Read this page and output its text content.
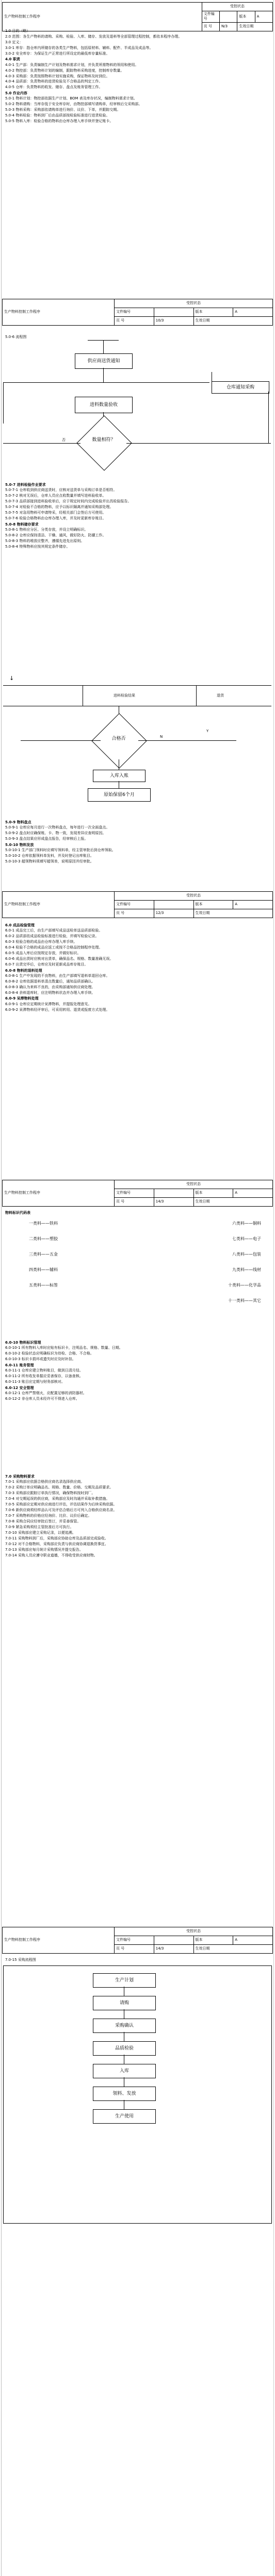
生产物料控制工作程序	受控状态			
	文件编号		版本	A
	页 号	N/3	生效日期	

1.0 目的（略）

2.0 范围：各生产物料的请购、采购、检验、入库、储存、发放及退料等全部管理过程控制，都依本程序办理。

3.0 定义：

3.0-1 库存：指仓库内所储存的各类生产物料，包括原材料、辅料、配件、半成品及成品等。

3.0-2 安全库存：为保证生产正常进行所设定的最低库存量标准。

4.0 职责

4.0-1 生产部：负责编制生产计划及物料需求计划，并负责所需物料的领用和使用。

4.0-2 物控部：负责物料计划的编制，跟踪物料采购进度，控制库存数量。

4.0-3 采购部：负责按照物料计划实施采购，保证物料及时到位。

4.0-4 品质部：负责物料的进货检验及不合格品的判定工作。

4.0-5 仓库：负责物料的收发、储存、盘点及账务管理工作。

5.0 作业内容

5.0-1 物料计划：物控部依据生产计划、BOM 表及库存状况，编制物料需求计划。

5.0-2 物料请购：当库存低于安全库存时，由物控部填写请购单，经审核后交采购部。

5.0-3 物料采购：采购部依请购单进行询价、议价、下单，并跟踪交期。

5.0-4 物料检验：物料到厂后由品质部按检验标准进行进货检验。

5.0-5 物料入库：检验合格的物料由仓库办理入库手续并登记账卡。

生产物料控制工作程序	受控状态			
	文件编号		版本	A
	页 号	10/3	生效日期	
5.0-6 流程图
供应商送货通知
进料数量验收
仓库通知采购
数量相符？
否

5.0-7 进料检验作业要求

5.0-7-1 仓库收到供应商送货时，应核对送货单与采购订单是否相符。

5.0-7-2 核对无误后，仓库人员应点收数量并填写进料验收单。

5.0-7-3 品质部接到进料验收单后，应于规定时间内完成检验并出具检验报告。

5.0-7-4 对检验不合格的物料，应予以标识隔离并通知采购部处理。

5.0-7-5 对急用物料可申请特采，经相关部门会签后方可使用。

5.0-7-6 检验合格物料由仓库办理入库，并及时更新库存账目。

5.0-8 物料储存要求

5.0-8-1 物料应分区、分类存放，并设立明确标识。

5.0-8-2 仓库应保持清洁、干燥、通风，做好防火、防潮工作。

5.0-8-3 物料的堆放应整齐，遵循先进先出原则。

5.0-8-4 特殊物料应按其规定条件储存。

↓
进料检验结果	退货
合格否	N
Y
入库入账
原始保留6个月

5.0-9 物料盘点

5.0-9-1 仓库应每月进行一次物料盘点，每年进行一次全面盘点。

5.0-9-2 盘点时应确保账、卡、物一致，发现差异应查明原因。

5.0-9-3 盘点结果应形成盘点报告，经审核后上报。

5.0-10 物料发放

5.0-10-1 生产部门领料时应填写领料单，经主管审批后到仓库领取。

5.0-10-2 仓库依据领料单发料，并及时登记出库账目。

5.0-10-3 超领物料须填写超领单，说明原因并经审批。

生产物料控制工作程序	受控状态			
	文件编号		版本	A
	页 号	12/3	生效日期	

6.0 成品检验管理

6.0-1 成品完工后，由生产部填写成品送检单送品质部检验。

6.0-2 品质部依成品检验标准进行检验，并填写检验记录。

6.0-3 检验合格的成品由仓库办理入库手续。

6.0-4 检验不合格的成品应返工或按不合格品控制程序处理。

6.0-5 成品入库后应按规定存放，并做好标识。

6.0-6 成品出货时应核对出货单，确保品名、规格、数量准确无误。

6.0-7 出货完毕后，仓库应及时更新成品库存账目。

6.0-8 物料的退料处理

6.0-8-1 生产中发现的不良物料，由生产部填写退料单退回仓库。

6.0-8-2 仓库依据退料单清点数量后，通知品质部确认。

6.0-8-3 确认为来料不良的，由采购部通知供应商处理。

6.0-8-4 余料退库时，应注明物料状态并办理入库手续。

6.0-9 呆滞物料处理

6.0-9-1 仓库应定期统计呆滞物料，并提报处理意见。

6.0-9-2 呆滞物料经评审后，可采用转用、退货或报废方式处理。

生产物料控制工作程序	受控状态			
	文件编号		版本	A
	页 号	14/3	生效日期	

物料标识代码表

一类料——铁料	六类料——铜料
二类料——塑胶	七类料——电子
三类料——五金	八类料——包装
四类料——辅料	九类料——线材
五类料——标签	十类料——化学品
十一类料——其它

6.0-10 物料标识管理

6.0-10-1 所有物料入库时应贴有标识卡，注明品名、规格、数量、日期。

6.0-10-2 检验状态应明确标识为待检、合格、不合格。

6.0-10-3 标识卡损坏或遗失时应及时补挂。

6.0-11 账务管理

6.0-11-1 仓库应建立物料账目，做到日清月结。

6.0-11-2 所有收发单据应妥善保存，以备查核。

6.0-11-3 账目应定期与财务部核对。

6.0-12 安全管理

6.0-12-1 仓库严禁烟火，应配置足够的消防器材。

6.0-12-2 非仓库人员未经许可不得进入仓库。

7.0 采购物料要求

7.0-1 采购部应依据合格供应商名录选择供应商。

7.0-2 采购订单应明确品名、规格、数量、价格、交期及品质要求。

7.0-3 采购部应跟踪订单执行情况，确保物料按时到厂。

7.0-4 对交期延误的供应商，采购部应及时沟通并采取补救措施。

7.0-5 采购部应定期对供应商进行评估，评估结果作为后续采购依据。

7.0-6 新供应商须经样品认可及评估合格后方可列入合格供应商名录。

7.0-7 采购物料的价格应经询价、比价、议价后确定。

7.0-8 采购合同应经审批后签订，并妥善保管。

7.0-9 紧急采购须经主管批准后方可执行。

7.0-10 采购部应建立采购记录，以便追溯。

7.0-11 采购物料到厂后，采购部应协助仓库及品质部完成验收。

7.0-12 对不合格物料，采购部应负责与供应商协调退换货事宜。

7.0-13 采购部应每月统计采购情况并提交报告。

7.0-14 采购人员应遵守职业道德，不得收受供应商财物。

生产物料控制工作程序	受控状态			
	文件编号		版本	A
	页 号	14/3	生效日期	
7.0-15 采购流程图
生产计划
请购
采购确认
品质检验
入库
领料、发放
生产使用
